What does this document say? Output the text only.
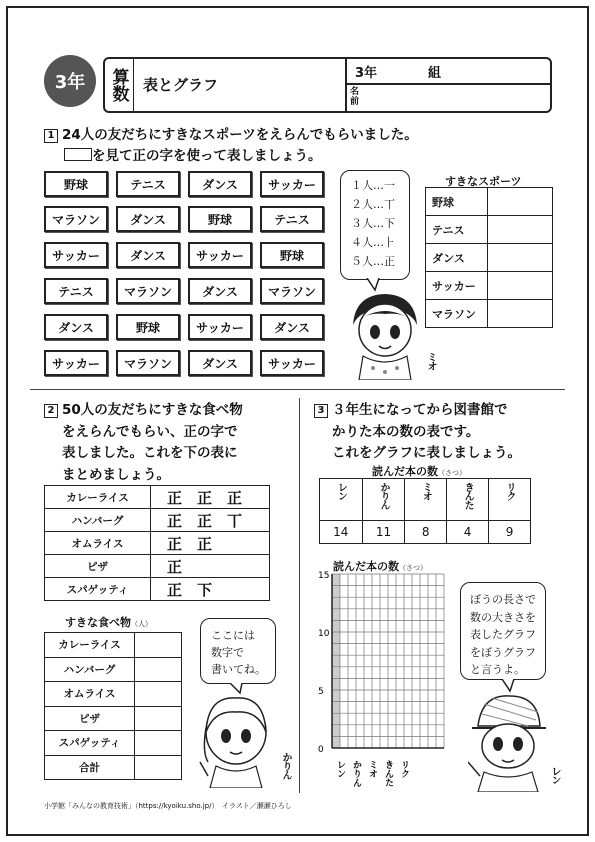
3年 算数 表とグラフ
3年	組
名前
1 24人の友だちにすきなスポーツをえらんでもらいました。
を見て正の字を使って表しましょう。
野球	テニス	ダンス	サッカー
マラソン	ダンス	野球	テニス
サッカー	ダンス	サッカー	野球
テニス	マラソン	ダンス	マラソン
ダンス	野球	サッカー	ダンス
サッカー	マラソン	ダンス	サッカー
１人…一
２人…丅
３人…下
４人…⺊
５人…正
すきなスポーツ
野球	
テニス	
ダンス	
サッカー	
マラソン	
ミオ
2 50人の友だちにすきな食べ物
をえらんでもらい、正の字で
表しました。これを下の表に
まとめましょう。
カレーライス	正　正　正
ハンバーグ	正　正　丅
オムライス	正　正
ピザ	正
スパゲッティ	正　下
すきな食べ物（人）
カレーライス	
ハンバーグ	
オムライス	
ピザ	
スパゲッティ	
合計	
ここには
数字で
書いてね。
かりん
3 ３年生になってから図書館で
かりた本の数の表です。
これをグラフに表しましょう。
読んだ本の数（さつ）
レン	かりん	ミオ	きんた	リク
14	11	8	4	9
読んだ本の数（さつ）
15
10
5
0
レン かりん ミオ きんた リク
ぼうの長さで
数の大きさを
表したグラフ
をぼうグラフ
と言うよ。
レン
小学館「みんなの教育技術」（https://kyoiku.sho.jp/）　イラスト／瀬瀬ひろし
